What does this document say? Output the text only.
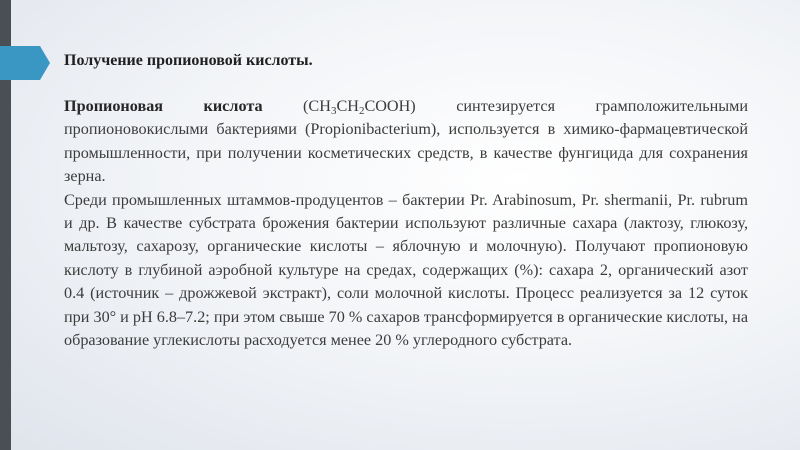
Получение пропионовой кислоты.

Пропионовая кислота $(CH_3CH_2COOH)$ синтезируется грамположительными пропионовокислыми бактериями (Propionibacterium), используется в химико-фармацевтической промышленности, при получении косметических средств, в качестве фунгицида для сохранения зерна.

Среди промышленных штаммов-продуцентов – бактерии Pr. Arabinosum, Pr. shermanii, Pr. rubrum и др. В качестве субстрата брожения бактерии используют различные сахара (лактозу, глюкозу, мальтозу, сахарозу, органические кислоты – яблочную и молочную). Получают пропионовую кислоту в глубиной аэробной культуре на средах, содержащих (%): сахара 2, органический азот 0.4 (источник – дрожжевой экстракт), соли молочной кислоты. Процесс реализуется за 12 суток при 30° и pH 6.8–7.2; при этом свыше 70 % сахаров трансформируется в органические кислоты, на образование углекислоты расходуется менее 20 % углеродного субстрата.
